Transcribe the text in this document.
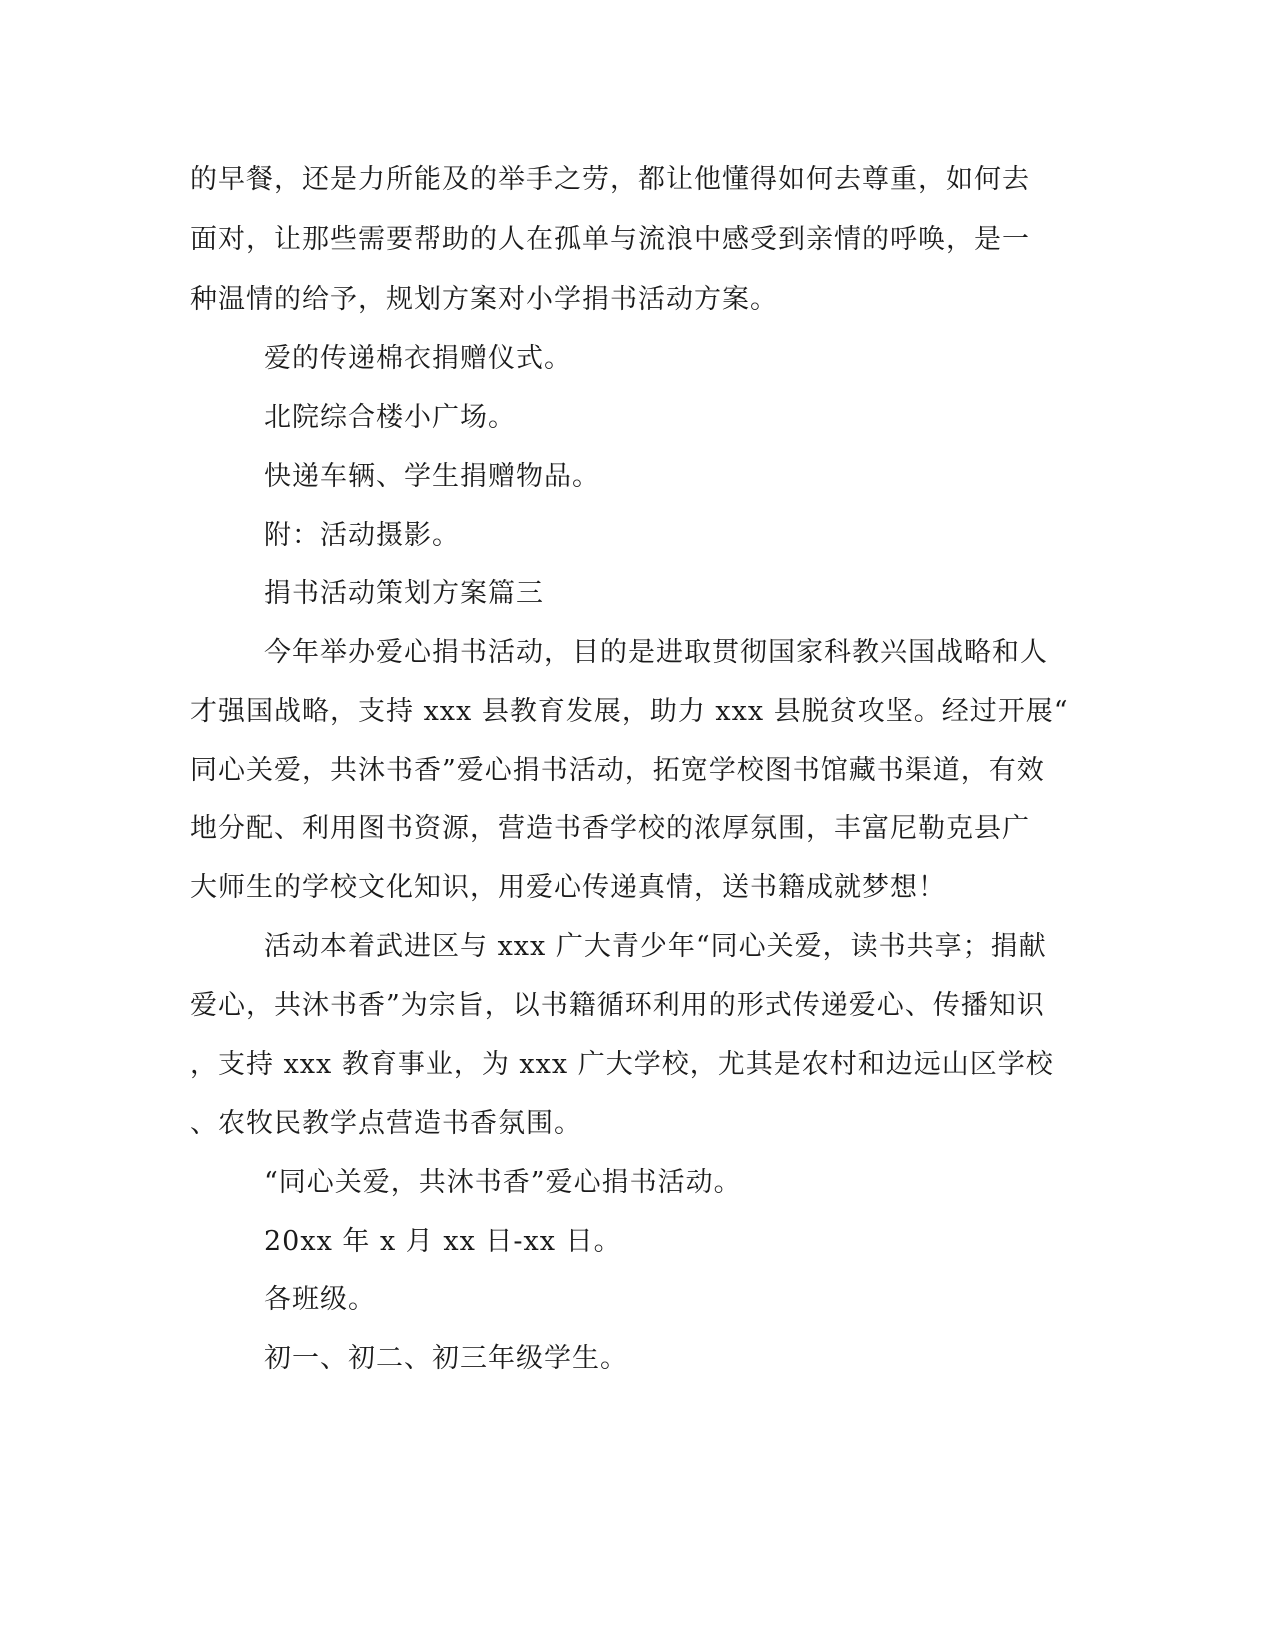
的早餐，还是力所能及的举手之劳，都让他懂得如何去尊重，如何去
面对，让那些需要帮助的人在孤单与流浪中感受到亲情的呼唤，是一
种温情的给予，规划方案对小学捐书活动方案。
爱的传递棉衣捐赠仪式。
北院综合楼小广场。
快递车辆、学生捐赠物品。
附：活动摄影。
捐书活动策划方案篇三
今年举办爱心捐书活动，目的是进取贯彻国家科教兴国战略和人
才强国战略，支持 xxx 县教育发展，助力 xxx 县脱贫攻坚。经过开展“
同心关爱，共沐书香”爱心捐书活动，拓宽学校图书馆藏书渠道，有效
地分配、利用图书资源，营造书香学校的浓厚氛围，丰富尼勒克县广
大师生的学校文化知识，用爱心传递真情，送书籍成就梦想！
活动本着武进区与 xxx 广大青少年“同心关爱，读书共享；捐献
爱心，共沐书香”为宗旨，以书籍循环利用的形式传递爱心、传播知识
，支持 xxx 教育事业，为 xxx 广大学校，尤其是农村和边远山区学校
、农牧民教学点营造书香氛围。
“同心关爱，共沐书香”爱心捐书活动。
20xx 年 x 月 xx 日-xx 日。
各班级。
初一、初二、初三年级学生。
